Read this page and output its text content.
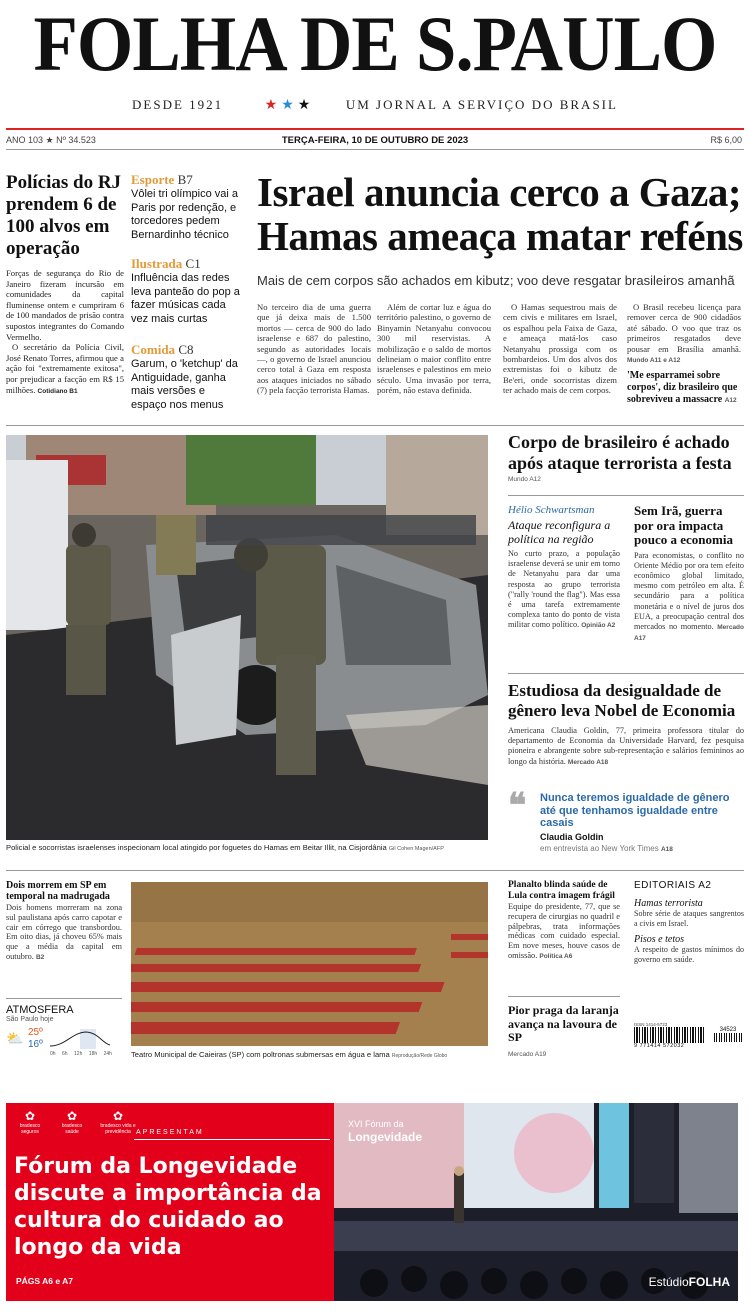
FOLHA DE S.PAULO
DESDE 1921	★ ★ ★	UM JORNAL A SERVIÇO DO BRASIL
ANO 103 ★ Nº 34.523	TERÇA-FEIRA, 10 DE OUTUBRO DE 2023	R$ 6,00
Polícias do RJ prendem 6 de 100 alvos em operação
Forças de segurança do Rio de Janeiro fizeram incursão em comunidades da capital fluminense ontem e cumpriram 6 de 100 mandados de prisão contra supostos integrantes do Comando Vermelho.
O secretário da Polícia Civil, José Renato Torres, afirmou que a ação foi "extremamente exitosa", por prejudicar a facção em R$ 15 milhões. Cotidiano B1
Esporte B7
Vôlei tri olímpico vai a Paris por redenção, e torcedores pedem Bernardinho técnico
Ilustrada C1
Influência das redes leva panteão do pop a fazer músicas cada vez mais curtas
Comida C8
Garum, o 'ketchup' da Antiguidade, ganha mais versões e espaço nos menus
Israel anuncia cerco a Gaza;
Hamas ameaça matar reféns
Mais de cem corpos são achados em kibutz; voo deve resgatar brasileiros amanhã
No terceiro dia de uma guerra que já deixa mais de 1.500 mortos — cerca de 900 do lado israelense e 687 do palestino, segundo as autoridades locais —, o governo de Israel anunciou cerco total à Gaza em resposta aos ataques iniciados no sábado (7) pela facção terrorista Hamas.
Além de cortar luz e água do território palestino, o governo de Binyamin Netanyahu convocou 300 mil reservistas. A mobilização e o saldo de mortos delineiam o maior conflito entre israelenses e palestinos em meio século. Uma invasão por terra, porém, não estava definida.
O Hamas sequestrou mais de cem civis e militares em Israel, os espalhou pela Faixa de Gaza, e ameaça matá-los caso Netanyahu prossiga com os bombardeios. Um dos alvos dos extremistas foi o kibutz de Be'eri, onde socorristas dizem ter achado mais de cem corpos.
O Brasil recebeu licença para remover cerca de 900 cidadãos até sábado. O voo que traz os primeiros resgatados deve pousar em Brasília amanhã. Mundo A11 e A12
'Me esparramei sobre corpos', diz brasileiro que sobreviveu a massacre A12
Policial e socorristas israelenses inspecionam local atingido por foguetes do Hamas em Beitar Illit, na Cisjordânia Gil Cohen Magen/AFP
Corpo de brasileiro é achado após ataque terrorista a festa
Mundo A12
Hélio Schwartsman
Ataque reconfigura a política na região
No curto prazo, a população israelense deverá se unir em torno de Netanyahu para dar uma resposta ao grupo terrorista ("rally 'round the flag"). Mas essa é uma tarefa extremamente complexa tanto do ponto de vista militar como político. Opinião A2
Sem Irã, guerra por ora impacta pouco a economia
Para economistas, o conflito no Oriente Médio por ora tem efeito econômico global limitado, mesmo com petróleo em alta. É secundário para a política monetária e o nível de juros dos EUA, a preocupação central dos mercados no momento. Mercado A17
Estudiosa da desigualdade de gênero leva Nobel de Economia
Americana Claudia Goldin, 77, primeira professora titular do departamento de Economia da Universidade Harvard, fez pesquisa pioneira e abrangente sobre sub-representação e salários femininos ao longo da história. Mercado A18
❝ Nunca teremos igualdade de gênero até que tenhamos igualdade entre casais
Claudia Goldin
em entrevista ao New York Times A18
Dois morrem em SP em temporal na madrugada
Dois homens morreram na zona sul paulistana após carro capotar e cair em córrego que transbordou. Em oito dias, já choveu 65% mais que a média da capital em outubro. B2
ATMOSFERA
São Paulo hoje
⛅ 25º
16º
0h 6h 12h 18h 24h	Teatro Municipal de Caieiras (SP) com poltronas submersas em água e lama Reprodução/Rede Globo
Planalto blinda saúde de Lula contra imagem frágil
Equipe do presidente, 77, que se recupera de cirurgias no quadril e pálpebras, trata informações médicas com cuidado especial. Em nove meses, houve casos de omissão. Política A6
Pior praga da laranja avança na lavoura de SP
Mercado A19
EDITORIAIS A2
Hamas terrorista
Sobre série de ataques sangrentos a civis em Israel.
Pisos e tetos
A respeito de gastos mínimos do governo em saúde.
ISSN 1414-5723
34523
9 771414 572032
✿
bradesco seguros
✿
bradesco saúde
✿
bradesco vida e previdência APRESENTAM
Fórum da Longevidade discute a importância da cultura do cuidado ao longo da vida
PÁGS A6 e A7
XVI Fórum da
Longevidade
EstúdioFOLHA
